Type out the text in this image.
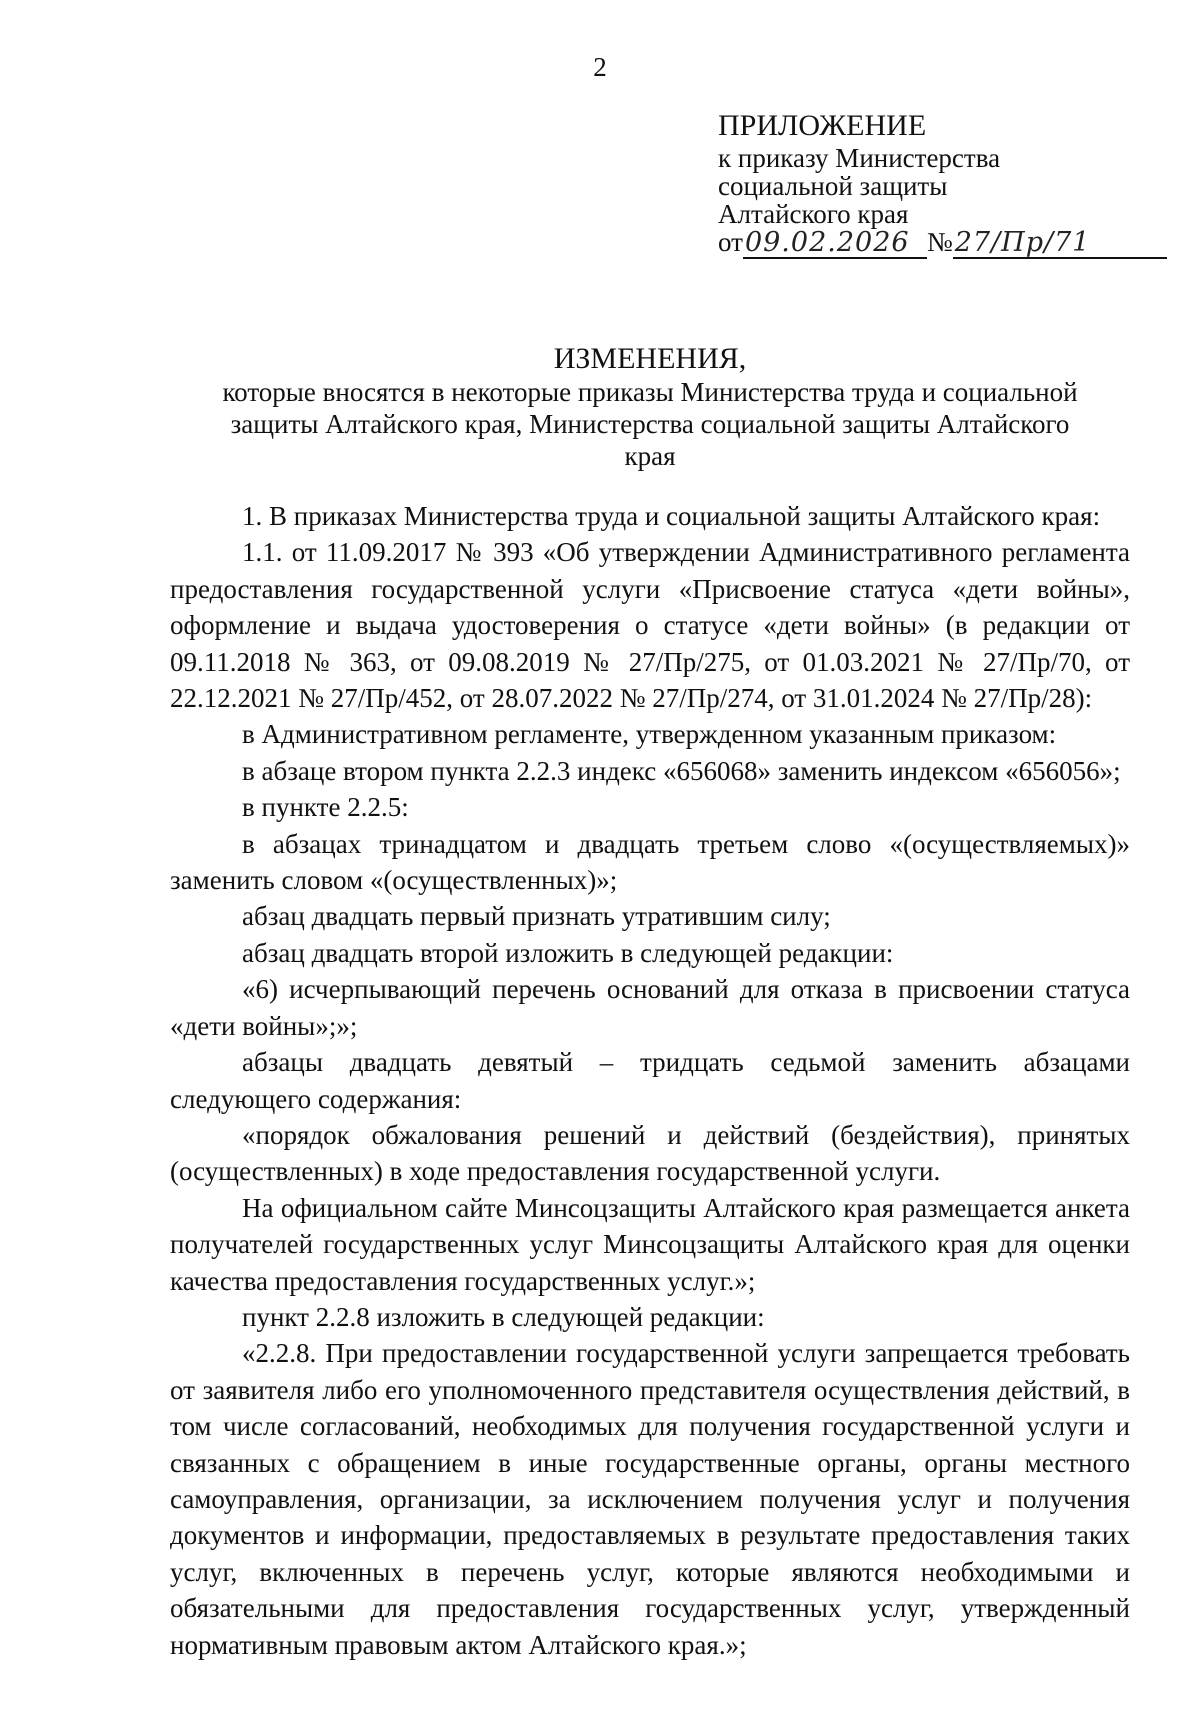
2
ПРИЛОЖЕНИЕ
к приказу Министерства
социальной защиты
Алтайского края
от 09.02.2026 № 27/Пр/71
ИЗМЕНЕНИЯ,
которые вносятся в некоторые приказы Министерства труда и социальной защиты Алтайского края, Министерства социальной защиты Алтайского края

1. В приказах Министерства труда и социальной защиты Алтайского края:

1.1. от 11.09.2017 № 393 «Об утверждении Административного регламента предоставления государственной услуги «Присвоение статуса «дети войны», оформление и выдача удостоверения о статусе «дети войны» (в редакции от 09.11.2018 № 363, от 09.08.2019 № 27/Пр/275, от 01.03.2021 № 27/Пр/70, от 22.12.2021 № 27/Пр/452, от 28.07.2022 № 27/Пр/274, от 31.01.2024 № 27/Пр/28):

в Административном регламенте, утвержденном указанным приказом:

в абзаце втором пункта 2.2.3 индекс «656068» заменить индексом «656056»;

в пункте 2.2.5:

в абзацах тринадцатом и двадцать третьем слово «(осуществляемых)» заменить словом «(осуществленных)»;

абзац двадцать первый признать утратившим силу;

абзац двадцать второй изложить в следующей редакции:

«6) исчерпывающий перечень оснований для отказа в присвоении статуса «дети войны»;»;

абзацы двадцать девятый – тридцать седьмой заменить абзацами следующего содержания:

«порядок обжалования решений и действий (бездействия), принятых (осуществленных) в ходе предоставления государственной услуги.

На официальном сайте Минсоцзащиты Алтайского края размещается анкета получателей государственных услуг Минсоцзащиты Алтайского края для оценки качества предоставления государственных услуг.»;

пункт 2.2.8 изложить в следующей редакции:

«2.2.8. При предоставлении государственной услуги запрещается требовать от заявителя либо его уполномоченного представителя осуществления действий, в том числе согласований, необходимых для получения государственной услуги и связанных с обращением в иные государственные органы, органы местного самоуправления, организации, за исключением получения услуг и получения документов и информации, предоставляемых в результате предоставления таких услуг, включенных в перечень услуг, которые являются необходимыми и обязательными для предоставления государственных услуг, утвержденный нормативным правовым актом Алтайского края.»;
